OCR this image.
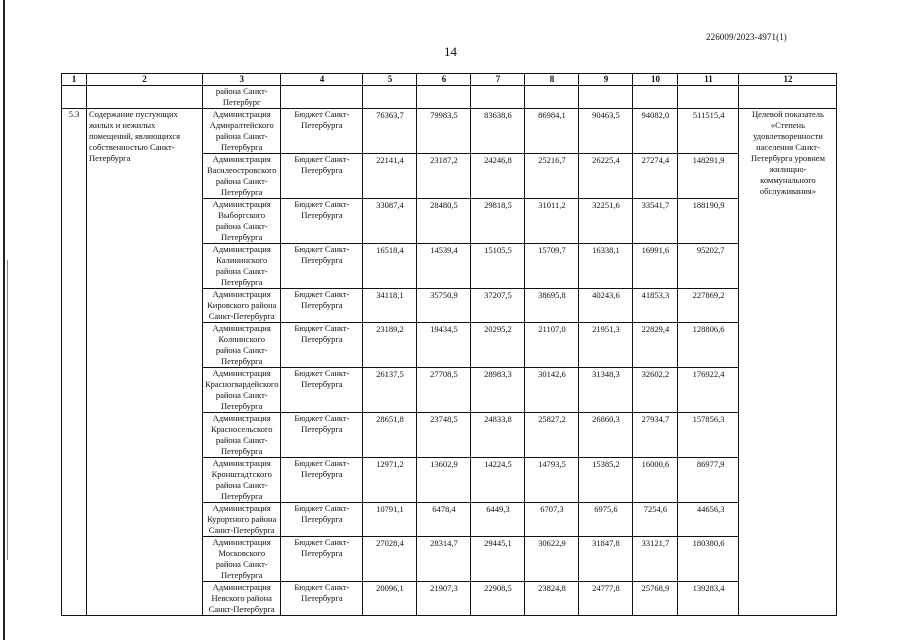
226009/2023-4971(1)
14
1	2	3	4	5	6	7	8	9	10	11	12
		района Санкт-Петербург									
5.3	Содержание пустующих жилых и нежилых помещений, являющихся собственностью Санкт-Петербурга	Администрация Адмиралтейского района Санкт-Петербурга	Бюджет Санкт-Петербурга	76363,7	79983,5	83638,6	86984,1	90463,5	94082,0	511515,4	Целевой показатель «Степень удовлетворенности населения Санкт-Петербурга уровнем жилищно-коммунального обслуживания»
		Администрация Василеостровского района Санкт-Петербурга	Бюджет Санкт-Петербурга	22141,4	23187,2	24246,8	25216,7	26225,4	27274,4	148291,9	
		Администрация Выборгского района Санкт-Петербурга	Бюджет Санкт-Петербурга	33087,4	28480,5	29818,5	31011,2	32251,6	33541,7	188190,9	
		Администрация Калининского района Санкт-Петербурга	Бюджет Санкт-Петербурга	16518,4	14539,4	15105,5	15709,7	16338,1	16991,6	95202,7	
		Администрация Кировского района Санкт-Петербурга	Бюджет Санкт-Петербурга	34118,1	35750,9	37207,5	38695,8	40243,6	41853,3	227869,2	
		Администрация Колпинского района Санкт-Петербурга	Бюджет Санкт-Петербурга	23189,2	19434,5	20295,2	21107,0	21951,3	22829,4	128806,6	
		Администрация Красногвардейского района Санкт-Петербурга	Бюджет Санкт-Петербурга	26137,5	27708,5	28983,3	30142,6	31348,3	32602,2	176922,4	
		Администрация Красносельского района Санкт-Петербурга	Бюджет Санкт-Петербурга	28651,8	23748,5	24833,8	25827,2	26860,3	27934,7	157856,3	
		Администрация Кронштадтского района Санкт-Петербурга	Бюджет Санкт-Петербурга	12971,2	13602,9	14224,5	14793,5	15385,2	16000,6	86977,9	
		Администрация Курортного района Санкт-Петербурга	Бюджет Санкт-Петербурга	10791,1	6478,4	6449,3	6707,3	6975,6	7254,6	44656,3	
		Администрация Московского района Санкт-Петербурга	Бюджет Санкт-Петербурга	27028,4	28314,7	29445,1	30622,9	31847,8	33121,7	180380,6	
		Администрация Невского района Санкт-Петербурга	Бюджет Санкт-Петербурга	20096,1	21907,3	22908,5	23824,8	24777,8	25768,9	139283,4	
